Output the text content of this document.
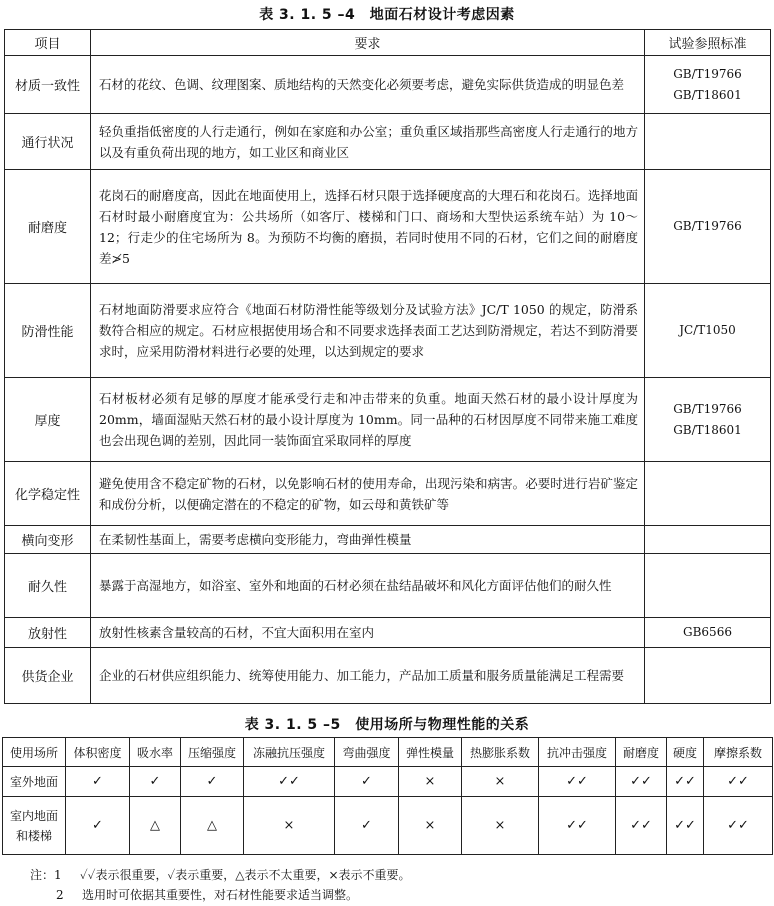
表 3. 1. 5 –4　地面石材设计考虑因素
项目	要求	试验参照标准
材质一致性	石材的花纹、色调、纹理图案、质地结构的天然变化必须要考虑，避免实际供货造成的明显色差	GB/T19766
GB/T18601
通行状况	轻负重指低密度的人行走通行，例如在家庭和办公室；重负重区域指那些高密度人行走通行的地方以及有重负荷出现的地方，如工业区和商业区	
耐磨度	花岗石的耐磨度高，因此在地面使用上，选择石材只限于选择硬度高的大理石和花岗石。选择地面石材时最小耐磨度宜为：公共场所（如客厅、楼梯和门口、商场和大型快运系统车站）为 10～12；行走少的住宅场所为 8。为预防不均衡的磨损，若同时使用不同的石材，它们之间的耐磨度差≯5	GB/T19766
防滑性能	石材地面防滑要求应符合《地面石材防滑性能等级划分及试验方法》JC/T 1050 的规定，防滑系数符合相应的规定。石材应根据使用场合和不同要求选择表面工艺达到防滑规定，若达不到防滑要求时，应采用防滑材料进行必要的处理，以达到规定的要求	JC/T1050
厚度	石材板材必须有足够的厚度才能承受行走和冲击带来的负重。地面天然石材的最小设计厚度为 20mm，墙面湿贴天然石材的最小设计厚度为 10mm。同一品种的石材因厚度不同带来施工难度也会出现色调的差别，因此同一装饰面宜采取同样的厚度	GB/T19766
GB/T18601
化学稳定性	避免使用含不稳定矿物的石材，以免影响石材的使用寿命，出现污染和病害。必要时进行岩矿鉴定和成份分析，以便确定潜在的不稳定的矿物，如云母和黄铁矿等	
横向变形	在柔韧性基面上，需要考虑横向变形能力，弯曲弹性模量	
耐久性	暴露于高湿地方，如浴室、室外和地面的石材必须在盐结晶破坏和风化方面评估他们的耐久性	
放射性	放射性核素含量较高的石材，不宜大面积用在室内	GB6566
供货企业	企业的石材供应组织能力、统筹使用能力、加工能力，产品加工质量和服务质量能满足工程需要	
表 3. 1. 5 –5　使用场所与物理性能的关系
使用场所	体积密度	吸水率	压缩强度	冻融抗压强度	弯曲强度	弹性模量	热膨胀系数	抗冲击强度	耐磨度	硬度	摩擦系数
室外地面	✓	✓	✓	✓✓	✓	×	×	✓✓	✓✓	✓✓	✓✓
室内地面
和楼梯	✓	△	△	×	✓	×	×	✓✓	✓✓	✓✓	✓✓
注：1 ✓✓表示很重要，✓表示重要，△表示不太重要，×表示不重要。
2 选用时可依据其重要性，对石材性能要求适当调整。
